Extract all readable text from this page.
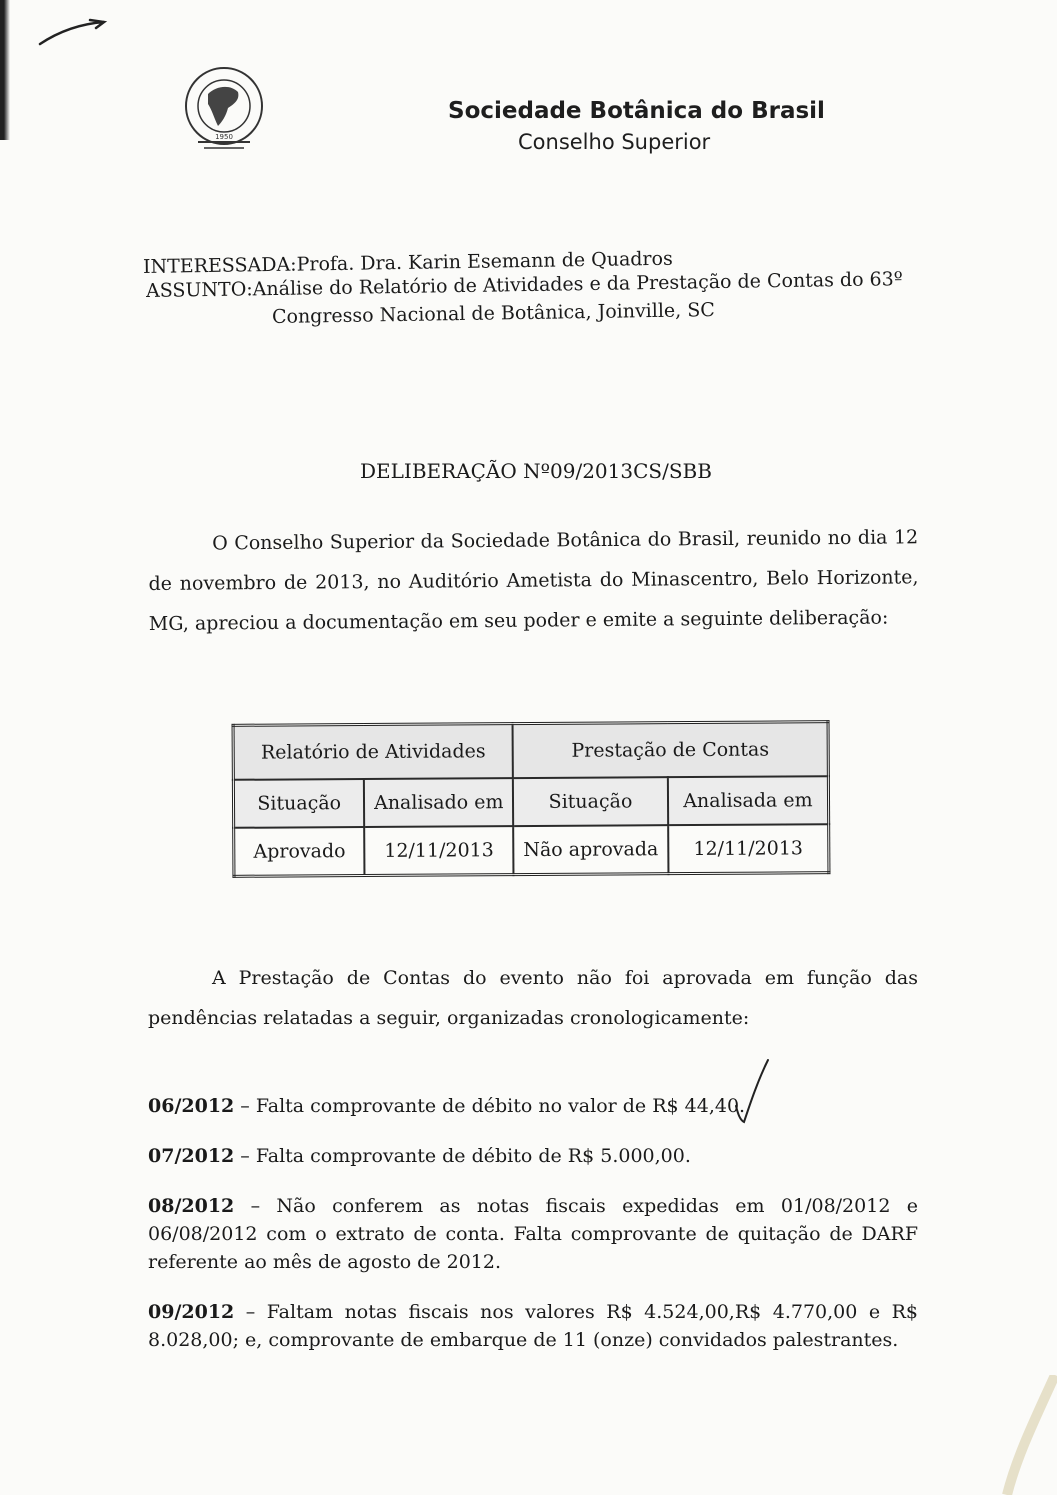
1950
Sociedade Botânica do Brasil
Conselho Superior
INTERESSADA:Profa. Dra. Karin Esemann de Quadros
ASSUNTO:Análise do Relatório de Atividades e da Prestação de Contas do 63º
Congresso Nacional de Botânica, Joinville, SC
DELIBERAÇÃO Nº09/2013CS/SBB

O Conselho Superior da Sociedade Botânica do Brasil, reunido no dia 12 de novembro de 2013, no Auditório Ametista do Minascentro, Belo Horizonte, MG, apreciou a documentação em seu poder e emite a seguinte deliberação:

Relatório de Atividades		Prestação de Contas	
Situação	Analisado em	Situação	Analisada em
Aprovado	12/11/2013	Não aprovada	12/11/2013

A Prestação de Contas do evento não foi aprovada em função das pendências relatadas a seguir, organizadas cronologicamente:

06/2012 – Falta comprovante de débito no valor de R$ 44,40.

07/2012 – Falta comprovante de débito de R$ 5.000,00.

08/2012 – Não conferem as notas fiscais expedidas em 01/08/2012 e 06/08/2012 com o extrato de conta. Falta comprovante de quitação de DARF referente ao mês de agosto de 2012.

09/2012 – Faltam notas fiscais nos valores R$ 4.524,00,R$ 4.770,00 e R$ 8.028,00; e, comprovante de embarque de 11 (onze) convidados palestrantes.
